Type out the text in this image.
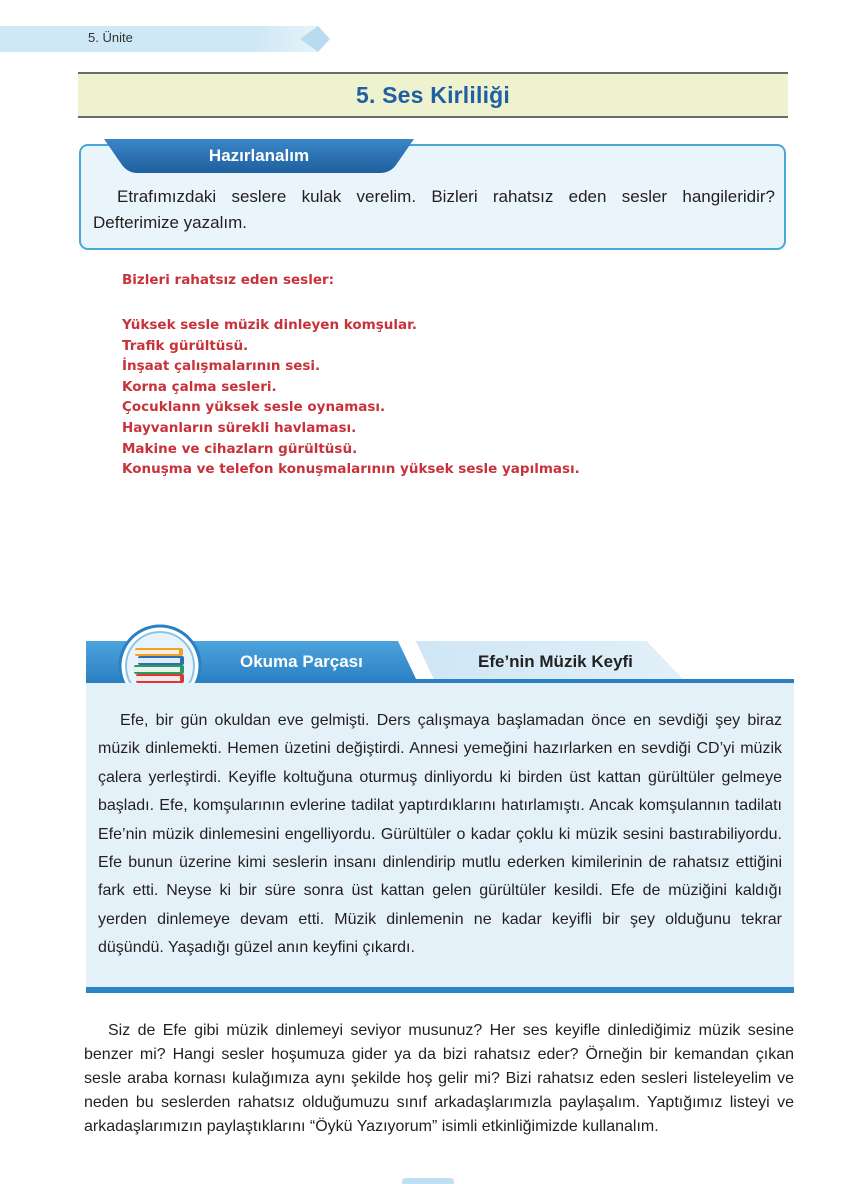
5. Ünite
5. Ses Kirliliği
Hazırlanalım
Etrafımızdaki seslere kulak verelim. Bizleri rahatsız eden sesler hangileridir? Defterimize yazalım.
Bizleri rahatsız eden sesler:
Yüksek sesle müzik dinleyen komşular.
Trafik gürültüsü.
İnşaat çalışmalarının sesi.
Korna çalma sesleri.
Çocuklann yüksek sesle oynaması.
Hayvanların sürekli havlaması.
Makine ve cihazlarn gürültüsü.
Konuşma ve telefon konuşmalarının yüksek sesle yapılması.
Okuma Parçası	Efe’nin Müzik Keyfi
Efe, bir gün okuldan eve gelmişti. Ders çalışmaya başlamadan önce en sevdiği şey biraz müzik dinlemekti. Hemen üzetini değiştirdi. Annesi yemeğini hazırlarken en sevdiği CD’yi müzik çalera yerleştirdi. Keyifle koltuğuna oturmuş dinliyordu ki birden üst kattan gürültüler gelmeye başladı. Efe, komşularının evlerine tadilat yaptırdıklarını hatırlamıştı. Ancak komşulannın tadilatı Efe’nin müzik dinlemesini engelliyordu. Gürültüler o kadar çoklu ki müzik sesini bastırabiliyordu. Efe bunun üzerine kimi seslerin insanı dinlendirip mutlu ederken kimilerinin de rahatsız ettiğini fark etti. Neyse ki bir süre sonra üst kattan gelen gürültüler kesildi. Efe de müziğini kaldığı yerden dinlemeye devam etti. Müzik dinlemenin ne kadar keyifli bir şey olduğunu tekrar düşündü. Yaşadığı güzel anın keyfini çıkardı.
Siz de Efe gibi müzik dinlemeyi seviyor musunuz? Her ses keyifle dinlediğimiz müzik sesine benzer mi? Hangi sesler hoşumuza gider ya da bizi rahatsız eder? Örneğin bir kemandan çıkan sesle araba kornası kulağımıza aynı şekilde hoş gelir mi? Bizi rahatsız eden sesleri listeleyelim ve neden bu seslerden rahatsız olduğumuzu sınıf arkadaşlarımızla paylaşalım. Yaptığımız listeyi ve arkadaşlarımızın paylaştıklarını “Öykü Yazıyorum” isimli etkinliğimizde kullanalım.
